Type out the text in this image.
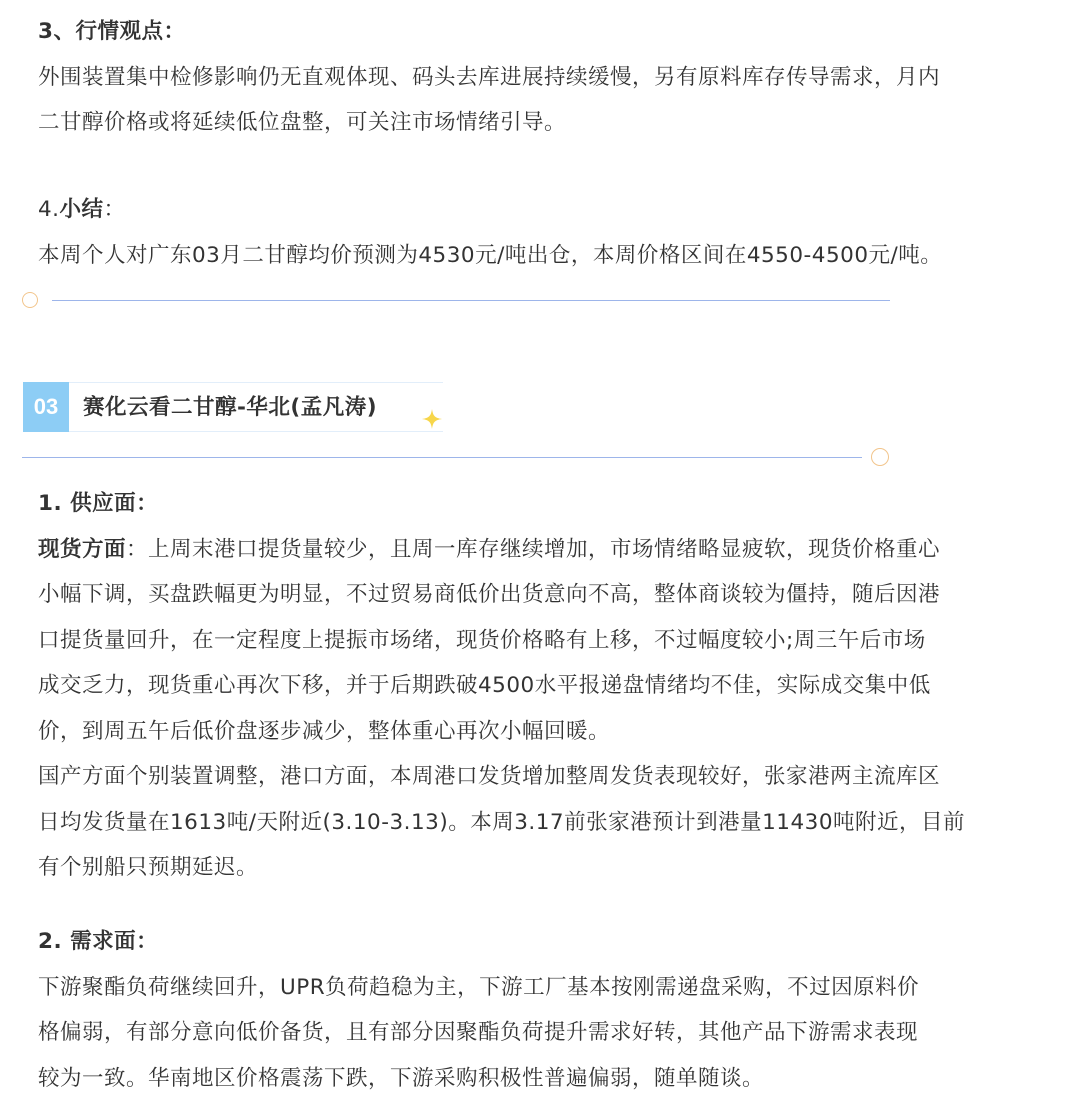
3、行情观点：
外围装置集中检修影响仍无直观体现、码头去库进展持续缓慢，另有原料库存传导需求，月内
二甘醇价格或将延续低位盘整，可关注市场情绪引导。
4.小结：
本周个人对广东03月二甘醇均价预测为4530元/吨出仓，本周价格区间在4550-4500元/吨。
03	赛化云看二甘醇-华北(孟凡涛)
1. 供应面：
现货方面：上周末港口提货量较少，且周一库存继续增加，市场情绪略显疲软，现货价格重心
小幅下调，买盘跌幅更为明显，不过贸易商低价出货意向不高，整体商谈较为僵持，随后因港
口提货量回升，在一定程度上提振市场绪，现货价格略有上移，不过幅度较小;周三午后市场
成交乏力，现货重心再次下移，并于后期跌破4500水平报递盘情绪均不佳，实际成交集中低
价，到周五午后低价盘逐步减少，整体重心再次小幅回暖。
国产方面个别装置调整，港口方面，本周港口发货增加整周发货表现较好，张家港两主流库区
日均发货量在1613吨/天附近(3.10-3.13)。本周3.17前张家港预计到港量11430吨附近，目前
有个别船只预期延迟。
2. 需求面：
下游聚酯负荷继续回升，UPR负荷趋稳为主，下游工厂基本按刚需递盘采购，不过因原料价
格偏弱，有部分意向低价备货，且有部分因聚酯负荷提升需求好转，其他产品下游需求表现
较为一致。华南地区价格震荡下跌，下游采购积极性普遍偏弱，随单随谈。
